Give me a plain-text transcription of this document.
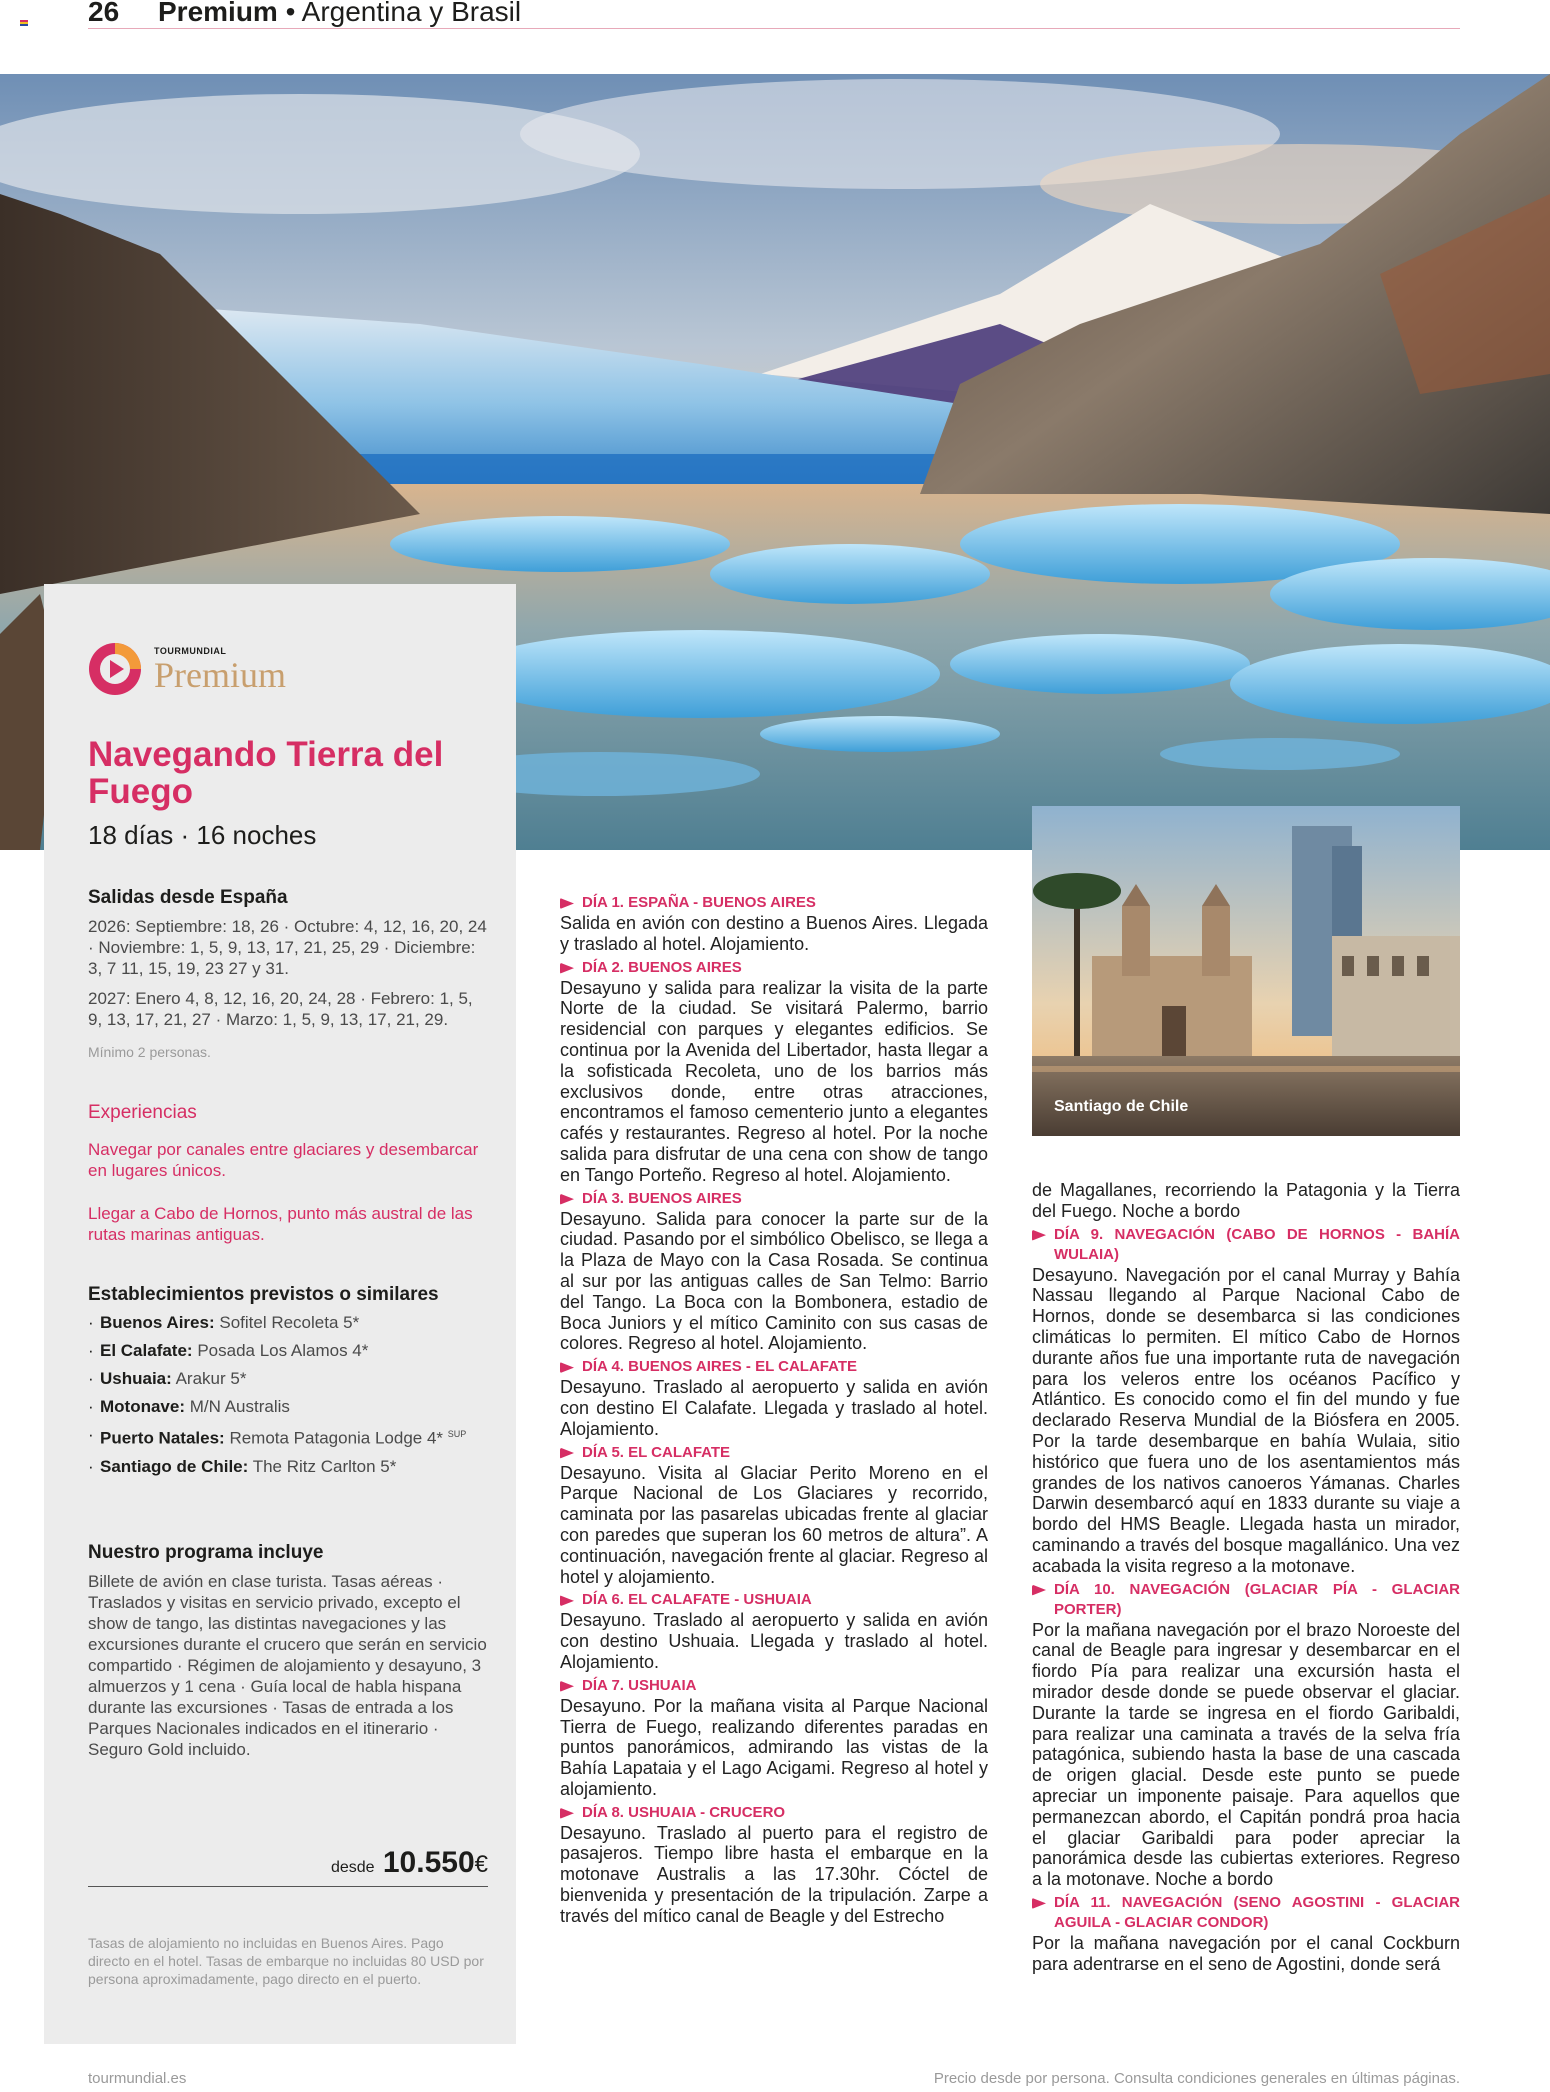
26 Premium • Argentina y Brasil
TOURMUNDIAL
Premium
Navegando Tierra del Fuego
18 días · 16 noches
Salidas desde España
2026: Septiembre: 18, 26 · Octubre: 4, 12, 16, 20, 24 · Noviembre: 1, 5, 9, 13, 17, 21, 25, 29 · Diciembre: 3, 7 11, 15, 19, 23 27 y 31.
2027: Enero 4, 8, 12, 16, 20, 24, 28 · Febrero: 1, 5, 9, 13, 17, 21, 27 · Marzo: 1, 5, 9, 13, 17, 21, 29.
Mínimo 2 personas.
Experiencias
Navegar por canales entre glaciares y desembarcar en lugares únicos.
Llegar a Cabo de Hornos, punto más austral de las rutas marinas antiguas.
Establecimientos previstos o similares
· Buenos Aires: Sofitel Recoleta 5*
· El Calafate: Posada Los Alamos 4*
· Ushuaia: Arakur 5*
· Motonave: M/N Australis
· Puerto Natales: Remota Patagonia Lodge 4* $^{SUP}$
· Santiago de Chile: The Ritz Carlton 5*
Nuestro programa incluye
Billete de avión en clase turista. Tasas aéreas · Traslados y visitas en servicio privado, excepto el show de tango, las distintas navegaciones y las excursiones durante el crucero que serán en servicio compartido · Régimen de alojamiento y desayuno, 3 almuerzos y 1 cena · Guía local de habla hispana durante las excursiones · Tasas de entrada a los Parques Nacionales indicados en el itinerario · Seguro Gold incluido.
desde 10.550€
Tasas de alojamiento no incluidas en Buenos Aires. Pago directo en el hotel. Tasas de embarque no incluidas 80 USD por persona aproximadamente, pago directo en el puerto.
DÍA 1. ESPAÑA - BUENOS AIRES
Salida en avión con destino a Buenos Aires. Llegada y traslado al hotel. Alojamiento.
DÍA 2. BUENOS AIRES
Desayuno y salida para realizar la visita de la parte Norte de la ciudad. Se visitará Palermo, barrio residencial con parques y elegantes edificios. Se continua por la Avenida del Libertador, hasta llegar a la sofisticada Recoleta, uno de los barrios más exclusivos donde, entre otras atracciones, encontramos el famoso cementerio junto a elegantes cafés y restaurantes. Regreso al hotel. Por la noche salida para disfrutar de una cena con show de tango en Tango Porteño. Regreso al hotel. Alojamiento.
DÍA 3. BUENOS AIRES
Desayuno. Salida para conocer la parte sur de la ciudad. Pasando por el simbólico Obelisco, se llega a la Plaza de Mayo con la Casa Rosada. Se continua al sur por las antiguas calles de San Telmo: Barrio del Tango. La Boca con la Bombonera, estadio de Boca Juniors y el mítico Caminito con sus casas de colores. Regreso al hotel. Alojamiento.
DÍA 4. BUENOS AIRES - EL CALAFATE
Desayuno. Traslado al aeropuerto y salida en avión con destino El Calafate. Llegada y traslado al hotel. Alojamiento.
DÍA 5. EL CALAFATE
Desayuno. Visita al Glaciar Perito Moreno en el Parque Nacional de Los Glaciares y recorrido, caminata por las pasarelas ubicadas frente al glaciar con paredes que superan los 60 metros de altura”. A continuación, navegación frente al glaciar. Regreso al hotel y alojamiento.
DÍA 6. EL CALAFATE - USHUAIA
Desayuno. Traslado al aeropuerto y salida en avión con destino Ushuaia. Llegada y traslado al hotel. Alojamiento.
DÍA 7. USHUAIA
Desayuno. Por la mañana visita al Parque Nacional Tierra de Fuego, realizando diferentes paradas en puntos panorámicos, admirando las vistas de la Bahía Lapataia y el Lago Acigami. Regreso al hotel y alojamiento.
DÍA 8. USHUAIA - CRUCERO
Desayuno. Traslado al puerto para el registro de pasajeros. Tiempo libre hasta el embarque en la motonave Australis a las 17.30hr. Cóctel de bienvenida y presentación de la tripulación. Zarpe a través del mítico canal de Beagle y del Estrecho
Santiago de Chile
de Magallanes, recorriendo la Patagonia y la Tierra del Fuego. Noche a bordo
DÍA 9. NAVEGACIÓN (CABO DE HORNOS - BAHÍA WULAIA)
Desayuno. Navegación por el canal Murray y Bahía Nassau llegando al Parque Nacional Cabo de Hornos, donde se desembarca si las condiciones climáticas lo permiten. El mítico Cabo de Hornos durante años fue una importante ruta de navegación para los veleros entre los océanos Pacífico y Atlántico. Es conocido como el fin del mundo y fue declarado Reserva Mundial de la Biósfera en 2005. Por la tarde desembarque en bahía Wulaia, sitio histórico que fuera uno de los asentamientos más grandes de los nativos canoeros Yámanas. Charles Darwin desembarcó aquí en 1833 durante su viaje a bordo del HMS Beagle. Llegada hasta un mirador, caminando a través del bosque magallánico. Una vez acabada la visita regreso a la motonave.
DÍA 10. NAVEGACIÓN (GLACIAR PÍA - GLACIAR PORTER)
Por la mañana navegación por el brazo Noroeste del canal de Beagle para ingresar y desembarcar en el fiordo Pía para realizar una excursión hasta el mirador desde donde se puede observar el glaciar. Durante la tarde se ingresa en el fiordo Garibaldi, para realizar una caminata a través de la selva fría patagónica, subiendo hasta la base de una cascada de origen glacial. Desde este punto se puede apreciar un imponente paisaje. Para aquellos que permanezcan abordo, el Capitán pondrá proa hacia el glaciar Garibaldi para poder apreciar la panorámica desde las cubiertas exteriores. Regreso a la motonave. Noche a bordo
DÍA 11. NAVEGACIÓN (SENO AGOSTINI - GLACIAR AGUILA - GLACIAR CONDOR)
Por la mañana navegación por el canal Cockburn para adentrarse en el seno de Agostini, donde será
tourmundial.es	Precio desde por persona. Consulta condiciones generales en últimas páginas.
